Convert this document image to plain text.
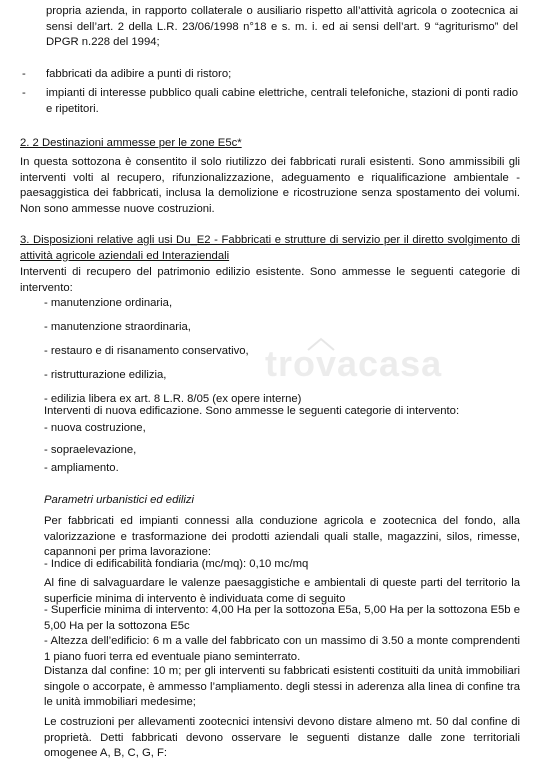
propria azienda, in rapporto collaterale o ausiliario rispetto all’attività agricola o zootecnica ai sensi dell’art. 2 della L.R. 23/06/1998 n°18 e s. m. i. ed ai sensi dell’art. 9 “agriturismo” del DPGR n.228 del 1994;

- fabbricati da adibire a punti di ristoro;

- impianti di interesse pubblico quali cabine elettriche, centrali telefoniche, stazioni di ponti radio e ripetitori.

2. 2 Destinazioni ammesse per le zone E5c*

In questa sottozona è consentito il solo riutilizzo dei fabbricati rurali esistenti. Sono ammissibili gli interventi volti al recupero, rifunzionalizzazione, adeguamento e riqualificazione ambientale - paesaggistica dei fabbricati, inclusa la demolizione e ricostruzione senza spostamento dei volumi. Non sono ammesse nuove costruzioni.

3. Disposizioni relative agli usi Du_E2 - Fabbricati e strutture di servizio per il diretto svolgimento di attività agricole aziendali ed Interaziendali

Interventi di recupero del patrimonio edilizio esistente. Sono ammesse le seguenti categorie di intervento:

- manutenzione ordinaria,
- manutenzione straordinaria,
- restauro e di risanamento conservativo,
- ristrutturazione edilizia,
- edilizia libera ex art. 8 L.R. 8/05 (ex opere interne)

Interventi di nuova edificazione. Sono ammesse le seguenti categorie di intervento:

- nuova costruzione,
- sopraelevazione,
- ampliamento.

Parametri urbanistici ed edilizi

Per fabbricati ed impianti connessi alla conduzione agricola e zootecnica del fondo, alla valorizzazione e trasformazione dei prodotti aziendali quali stalle, magazzini, silos, rimesse, capannoni per prima lavorazione:

- Indice di edificabilità fondiaria (mc/mq): 0,10 mc/mq

Al fine di salvaguardare le valenze paesaggistiche e ambientali di queste parti del territorio la superficie minima di intervento è individuata come di seguito

- Superficie minima di intervento: 4,00 Ha per la sottozona E5a, 5,00 Ha per la sottozona E5b e 5,00 Ha per la sottozona E5c

- Altezza dell’edificio: 6 m a valle del fabbricato con un massimo di 3.50 a monte comprendenti 1 piano fuori terra ed eventuale piano seminterrato.

Distanza dal confine: 10 m; per gli interventi su fabbricati esistenti costituiti da unità immobiliari singole o accorpate, è ammesso l’ampliamento. degli stessi in aderenza alla linea di confine tra le unità immobiliari medesime;

Le costruzioni per allevamenti zootecnici intensivi devono distare almeno mt. 50 dal confine di proprietà. Detti fabbricati devono osservare le seguenti distanze dalle zone territoriali omogenee A, B, C, G, F:

trovacasa
